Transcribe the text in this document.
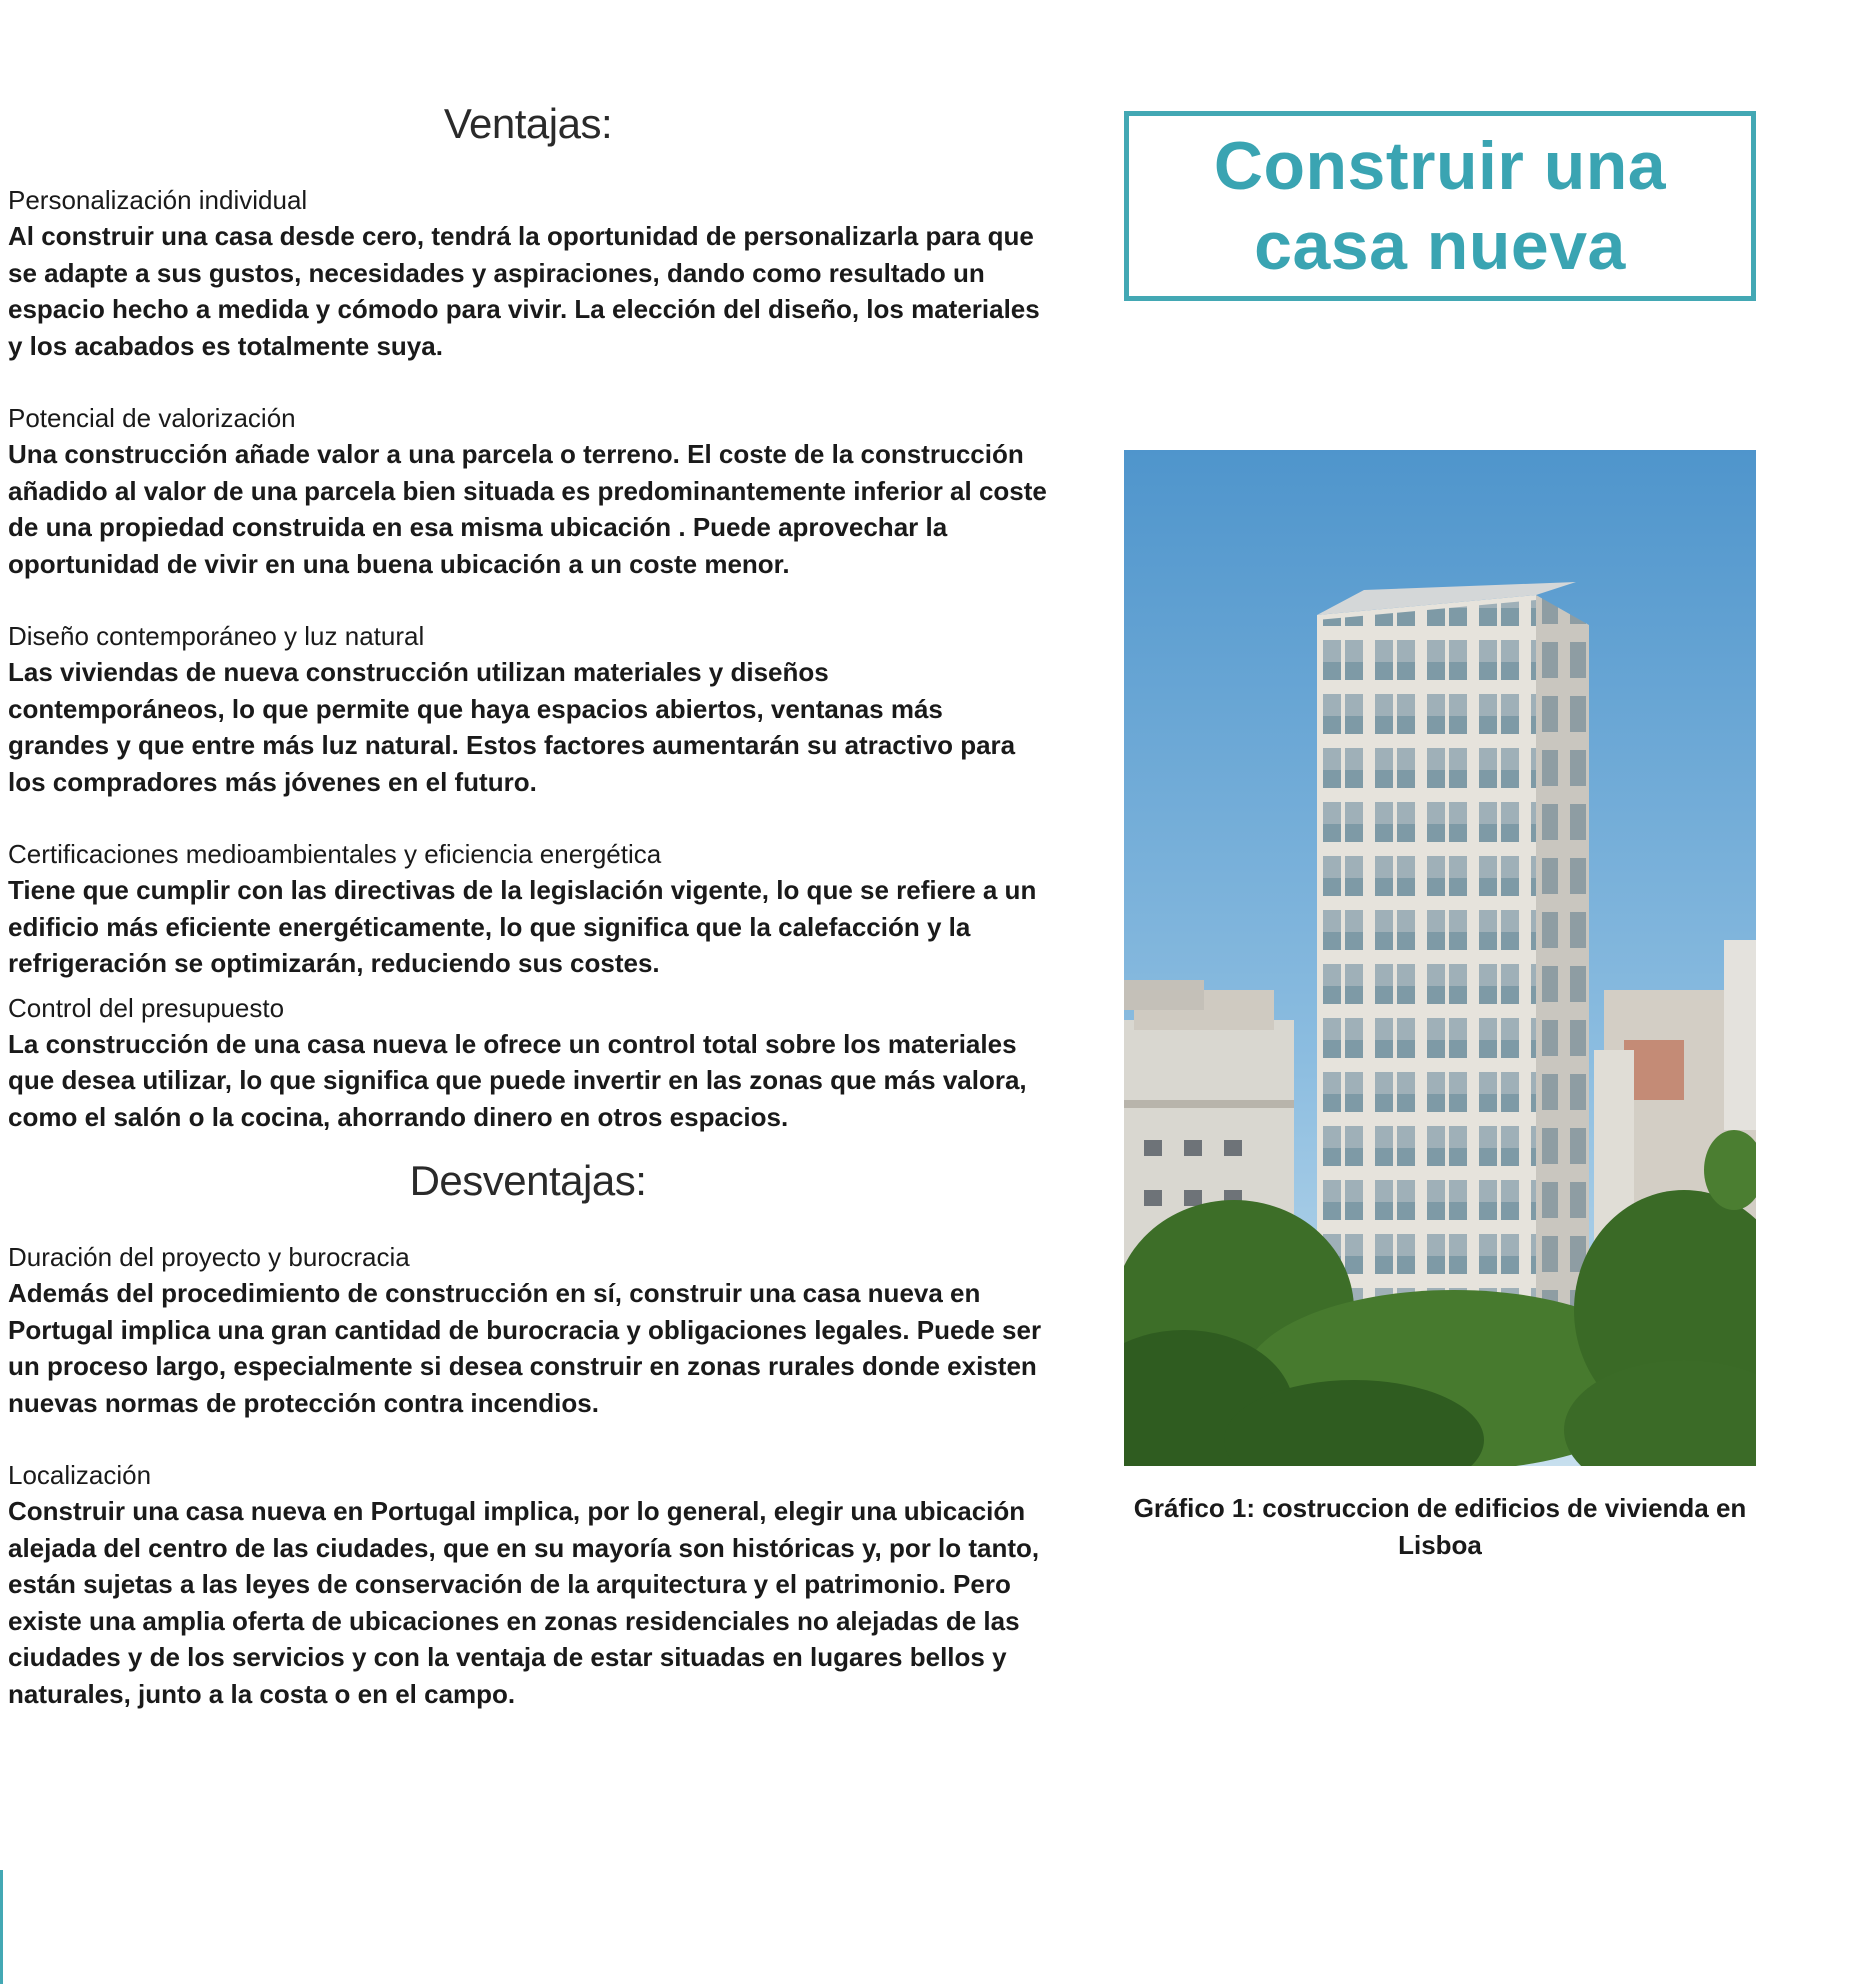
Ventajas:

Personalización individual

Al construir una casa desde cero, tendrá la oportunidad de personalizarla para que se adapte a sus gustos, necesidades y aspiraciones, dando como resultado un espacio hecho a medida y cómodo para vivir. La elección del diseño, los materiales y los acabados es totalmente suya.

Potencial de valorización

Una construcción añade valor a una parcela o terreno. El coste de la construcción añadido al valor de una parcela bien situada es predominantemente inferior al coste de una propiedad construida en esa misma ubicación . Puede aprovechar la oportunidad de vivir en una buena ubicación a un coste menor.

Diseño contemporáneo y luz natural

Las viviendas de nueva construcción utilizan materiales y diseños contemporáneos, lo que permite que haya espacios abiertos, ventanas más grandes y que entre más luz natural. Estos factores aumentarán su atractivo para los compradores más jóvenes en el futuro.

Certificaciones medioambientales y eficiencia energética

Tiene que cumplir con las directivas de la legislación vigente, lo que se refiere a un edificio más eficiente energéticamente, lo que significa que la calefacción y la refrigeración se optimizarán, reduciendo sus costes.

Control del presupuesto

La construcción de una casa nueva le ofrece un control total sobre los materiales que desea utilizar, lo que significa que puede invertir en las zonas que más valora, como el salón o la cocina, ahorrando dinero en otros espacios.

Desventajas:

Duración del proyecto y burocracia

Además del procedimiento de construcción en sí, construir una casa nueva en Portugal implica una gran cantidad de burocracia y obligaciones legales. Puede ser un proceso largo, especialmente si desea construir en zonas rurales donde existen nuevas normas de protección contra incendios.

Localización

Construir una casa nueva en Portugal implica, por lo general, elegir una ubicación alejada del centro de las ciudades, que en su mayoría son históricas y, por lo tanto, están sujetas a las leyes de conservación de la arquitectura y el patrimonio. Pero existe una amplia oferta de ubicaciones en zonas residenciales no alejadas de las ciudades y de los servicios y con la ventaja de estar situadas en lugares bellos y naturales, junto a la costa o en el campo.

Construir una casa nueva

Gráfico 1: costruccion de edificios de vivienda en Lisboa
